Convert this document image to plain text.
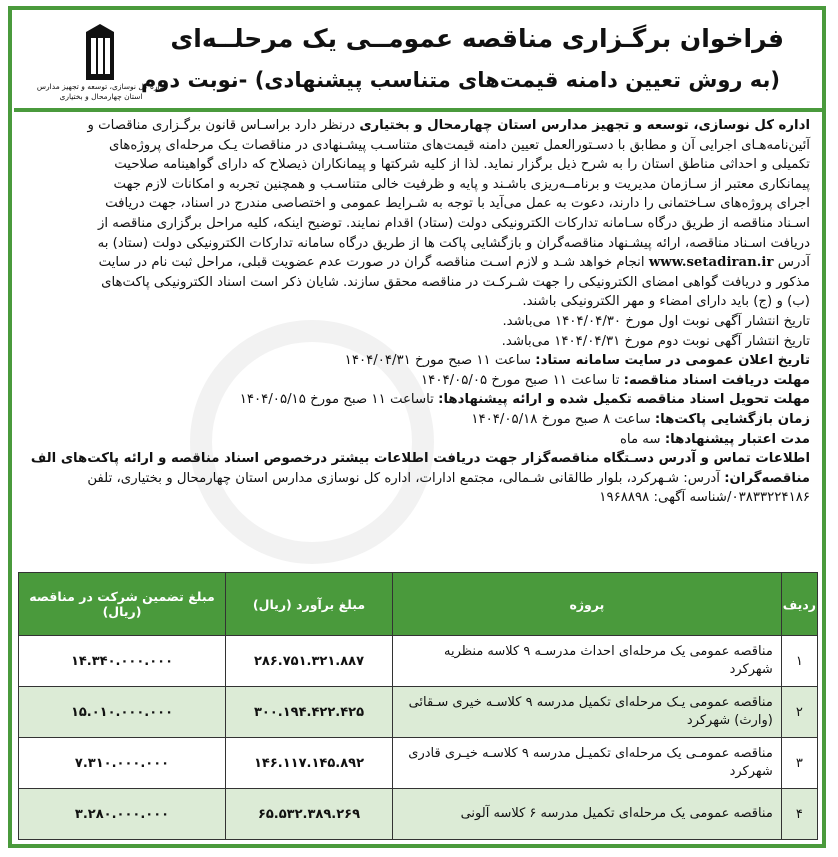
فراخوان برگـزاری مناقصه عمومــی یک مرحلــه‌ای
(به روش تعیین دامنه قیمت‌های متناسب پیشنهادی) -نوبت دوم
اداره کل نوسازی، توسعه و تجهیز مدارس استان چهارمحال و بختیاری

اداره کل نوسازی، توسعه و تجهیز مدارس استان چهارمحال و بختیاری درنظر دارد براسـاس قانون برگـزاری مناقصات و

آئین‌نامه‌هـای اجرایی آن و مطابق با دسـتورالعمل تعیین دامنه قیمت‌های متناسـب پیشـنهادی در مناقصات یـک مرحله‌ای پروژه‌های

تکمیلی و احداثی مناطق استان را به شرح ذیل برگزار نماید. لذا از کلیه شرکتها و پیمانکاران ذیصلاح که دارای گواهینامه صلاحیت

پیمانکاری معتبر از سـازمان مدیریت و برنامــه‌ریزی باشـند و پایه و ظرفیت خالی متناسـب و همچنین تجربه و امکانات لازم جهت

اجرای پروژه‌های سـاختمانی را دارند، دعوت به عمل می‌آید با توجه به شـرایط عمومی و اختصاصی مندرج در اسناد، جهت دریافت

اسـناد مناقصه از طریق درگاه سـامانه تدارکات الکترونیکی دولت (ستاد) اقدام نمایند. توضیح اینکه، کلیه مراحل برگزاری مناقصه از

دریافت اسـناد مناقصه، ارائه پیشـنهاد مناقصه‌گران و بازگشایی پاکت ها از طریق درگاه سامانه تدارکات الکترونیکی دولت (ستاد) به

آدرس www.setadiran.ir انجام خواهد شـد و لازم اسـت مناقصه گران در صورت عدم عضویت قبلی، مراحل ثبت نام در سایت

مذکور و دریافت گواهی امضای الکترونیکی را جهت شـرکـت در مناقصه محقق سازند. شایان ذکر است اسناد الکترونیکی پاکت‌های

(ب) و (ج) باید دارای امضاء و مهر الکترونیکی باشند.

تاریخ انتشار آگهی نوبت اول مورخ ۱۴۰۴/۰۴/۳۰ می‌باشد.

تاریخ انتشار آگهی نوبت دوم مورخ ۱۴۰۴/۰۴/۳۱ می‌باشد.

تاریخ اعلان عمومی در سایت سامانه ستاد: ساعت ۱۱ صبح مورخ ۱۴۰۴/۰۴/۳۱

مهلت دریافت اسناد مناقصه: تا ساعت ۱۱ صبح مورخ ۱۴۰۴/۰۵/۰۵

مهلت تحویل اسناد مناقصه تکمیل شده و ارائه پیشنهادها: تاساعت ۱۱ صبح مورخ ۱۴۰۴/۰۵/۱۵

زمان بازگشایی پاکت‌ها: ساعت ۸ صبح مورخ ۱۴۰۴/۰۵/۱۸

مدت اعتبار پیشنهادها: سه ماه

اطلاعات تماس و آدرس دسـتگاه مناقصه‌گزار جهت دریافت اطلاعات بیشتر درخصوص اسناد مناقصه و ارائه پاکت‌های الف

مناقصه‌گران: آدرس: شـهرکرد، بلوار طالقانی شـمالی، مجتمع ادارات، اداره کل نوسازی مدارس استان چهارمحال و بختیاری، تلفن

۰۳۸۳۳۲۲۴۱۸۶/شناسه آگهی: ۱۹۶۸۸۹۸

ردیف	پروژه	مبلغ برآورد (ریال)	مبلغ تضمین شرکت در مناقصه (ریال)
۱	مناقصه عمومی یک مرحله‌ای احداث مدرسـه ۹ کلاسه منظریه شهرکرد	۲۸۶.۷۵۱.۳۲۱.۸۸۷	۱۴.۳۴۰.۰۰۰.۰۰۰
۲	مناقصه عمومی یـک مرحله‌ای تکمیل مدرسه ۹ کلاسـه خیری سـقائی (وارث) شهرکرد	۳۰۰.۱۹۴.۴۲۲.۴۲۵	۱۵.۰۱۰.۰۰۰.۰۰۰
۳	مناقصه عمومـی یک مرحله‌ای تکمیـل مدرسه ۹ کلاسـه خیـری قادری شهرکرد	۱۴۶.۱۱۷.۱۴۵.۸۹۲	۷.۳۱۰.۰۰۰.۰۰۰
۴	مناقصه عمومی یک مرحله‌ای تکمیل مدرسه ۶ کلاسه آلونی	۶۵.۵۳۲.۳۸۹.۲۶۹	۳.۲۸۰.۰۰۰.۰۰۰
